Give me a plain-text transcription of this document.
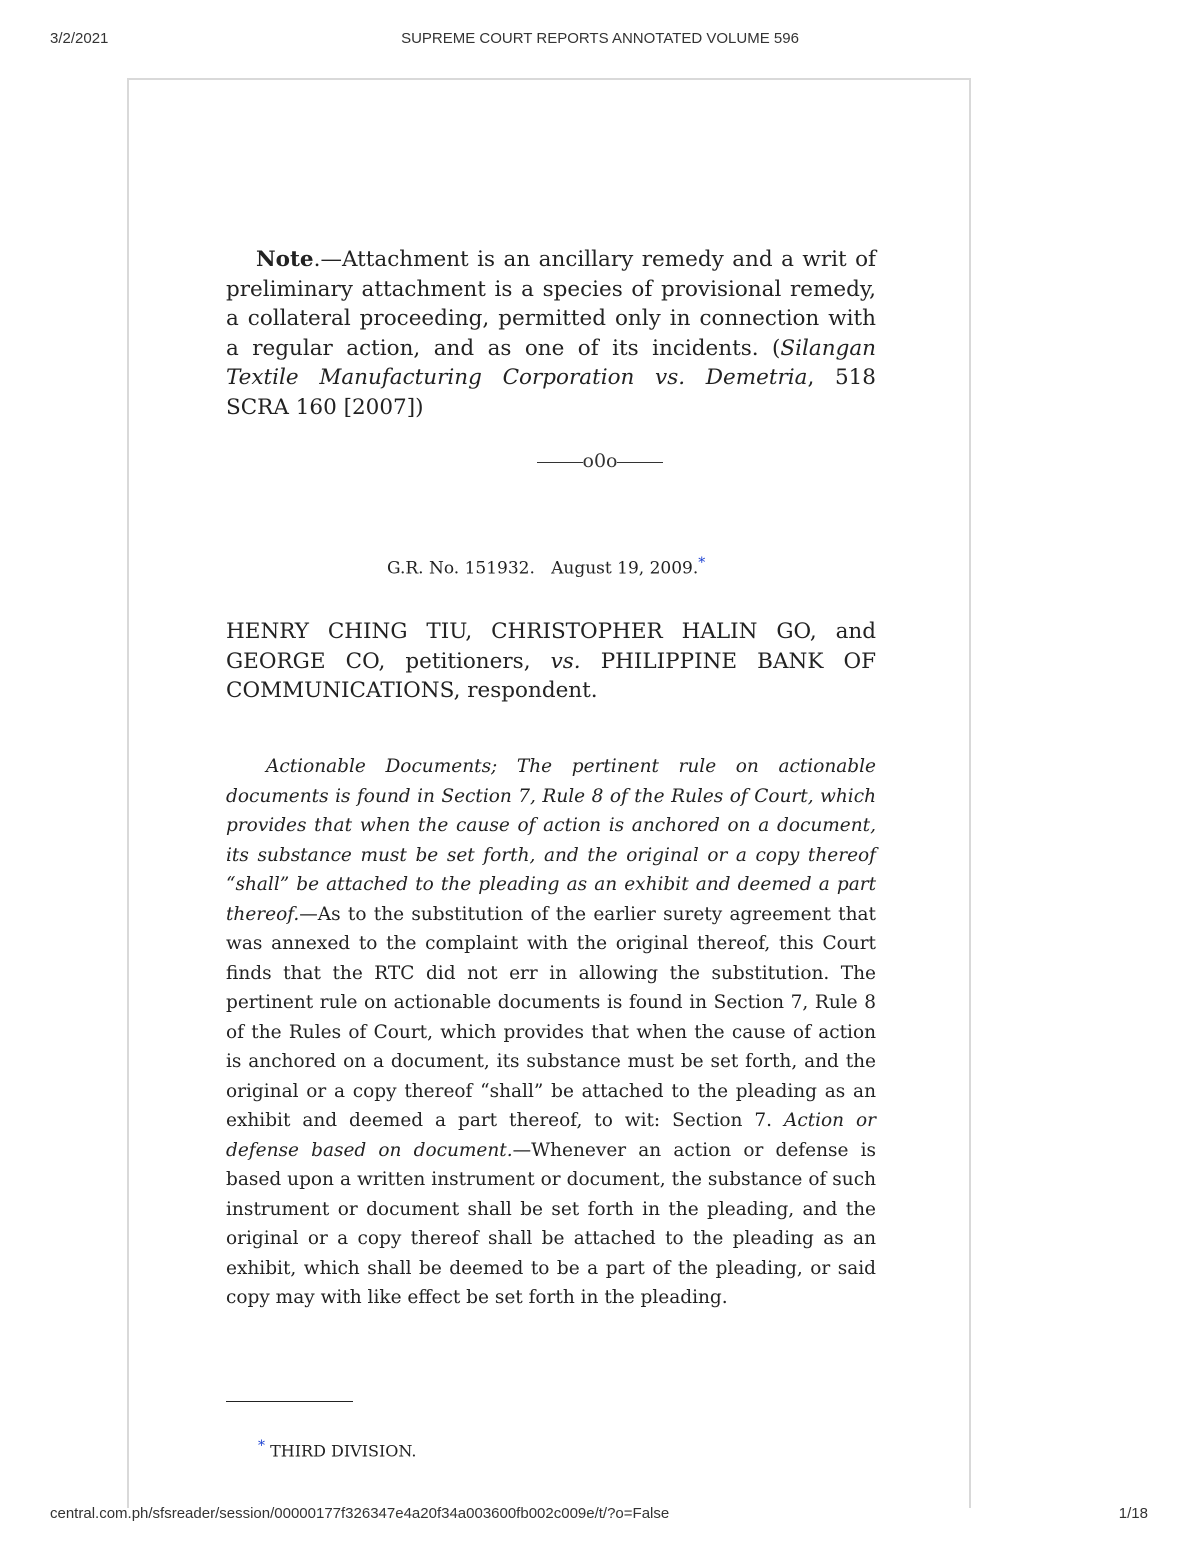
3/2/2021	SUPREME COURT REPORTS ANNOTATED VOLUME 596
Note.—Attachment is an ancillary remedy and a writ of preliminary attachment is a species of provisional remedy, a collateral proceeding, permitted only in connection with a regular action, and as one of its incidents. (Silangan Textile Manufacturing Corporation vs. Demetria, 518 SCRA 160 [2007])
o0o
G.R. No. 151932. August 19, 2009.*
HENRY CHING TIU, CHRISTOPHER HALIN GO, and GEORGE CO, petitioners, vs. PHILIPPINE BANK OF COMMUNICATIONS, respondent.
Actionable Documents; The pertinent rule on actionable documents is found in Section 7, Rule 8 of the Rules of Court, which provides that when the cause of action is anchored on a document, its substance must be set forth, and the original or a copy thereof “shall” be attached to the pleading as an exhibit and deemed a part thereof.—As to the substitution of the earlier surety agreement that was annexed to the complaint with the original thereof, this Court finds that the RTC did not err in allowing the substitution. The pertinent rule on actionable documents is found in Section 7, Rule 8 of the Rules of Court, which provides that when the cause of action is anchored on a document, its substance must be set forth, and the original or a copy thereof “shall” be attached to the pleading as an exhibit and deemed a part thereof, to wit: Section 7. Action or defense based on document.—Whenever an action or defense is based upon a written instrument or document, the substance of such instrument or document shall be set forth in the pleading, and the original or a copy thereof shall be attached to the pleading as an exhibit, which shall be deemed to be a part of the pleading, or said copy may with like effect be set forth in the pleading.
* THIRD DIVISION.
central.com.ph/sfsreader/session/00000177f326347e4a20f34a003600fb002c009e/t/?o=False	1/18
